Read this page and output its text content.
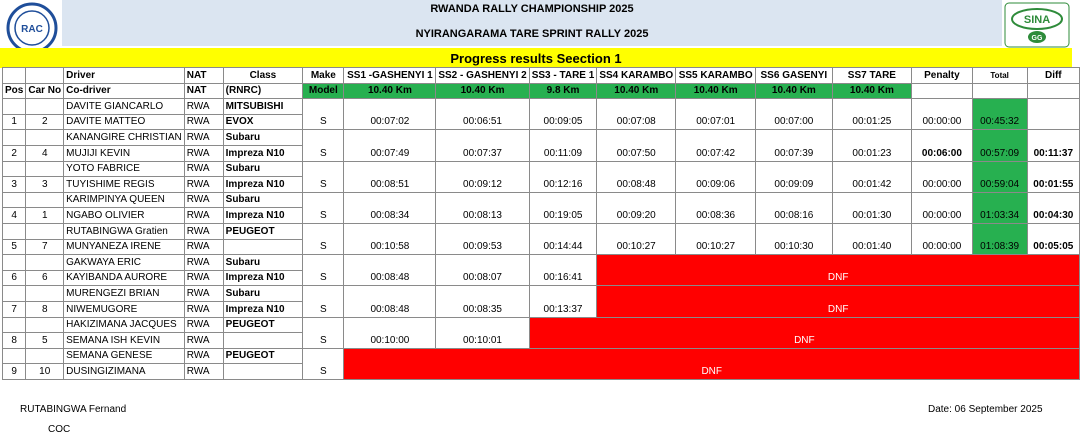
RAC
SINA
GG
RWANDA RALLY CHAMPIONSHIP 2025
NYIRANGARAMA TARE SPRINT RALLY 2025
Progress results Seection 1
		Driver	NAT	Class	Make	SS1 -GASHENYI 1	SS2 - GASHENYI 2	SS3 - TARE 1	SS4 KARAMBO	SS5 KARAMBO	SS6 GASENYI	SS7 TARE	Penalty	Total	Diff
Pos	Car No	Co-driver	NAT	(RNRC)	Model	10.40 Km	10.40 Km	9.8 Km	10.40 Km	10.40 Km	10.40 Km	10.40 Km			
		DAVITE GIANCARLO	RWA	MITSUBISHI	S	00:07:02	00:06:51	00:09:05	00:07:08	00:07:01	00:07:00	00:01:25	00:00:00	00:45:32	
1	2	DAVITE MATTEO	RWA	EVOX											
		KANANGIRE CHRISTIAN	RWA	Subaru	S	00:07:49	00:07:37	00:11:09	00:07:50	00:07:42	00:07:39	00:01:23	00:06:00	00:57:09	00:11:37
2	4	MUJIJI KEVIN	RWA	Impreza N10											
		YOTO FABRICE	RWA	Subaru	S	00:08:51	00:09:12	00:12:16	00:08:48	00:09:06	00:09:09	00:01:42	00:00:00	00:59:04	00:01:55
3	3	TUYISHIME REGIS	RWA	Impreza N10											
		KARIMPINYA QUEEN	RWA	Subaru	S	00:08:34	00:08:13	00:19:05	00:09:20	00:08:36	00:08:16	00:01:30	00:00:00	01:03:34	00:04:30
4	1	NGABO OLIVIER	RWA	Impreza N10											
		RUTABINGWA Gratien	RWA	PEUGEOT	S	00:10:58	00:09:53	00:14:44	00:10:27	00:10:27	00:10:30	00:01:40	00:00:00	01:08:39	00:05:05
5	7	MUNYANEZA IRENE	RWA												
		GAKWAYA ERIC	RWA	Subaru	S	00:08:48	00:08:07	00:16:41	DNF						
6	6	KAYIBANDA AURORE	RWA	Impreza N10											
		MURENGEZI BRIAN	RWA	Subaru	S	00:08:48	00:08:35	00:13:37	DNF						
7	8	NIWEMUGORE	RWA	Impreza N10											
		HAKIZIMANA JACQUES	RWA	PEUGEOT	S	00:10:00	00:10:01	DNF							
8	5	SEMANA ISH KEVIN	RWA												
		SEMANA GENESE	RWA	PEUGEOT	S	DNF									
9	10	DUSINGIZIMANA	RWA												
RUTABINGWA Fernand
COC
Date: 06 September 2025
